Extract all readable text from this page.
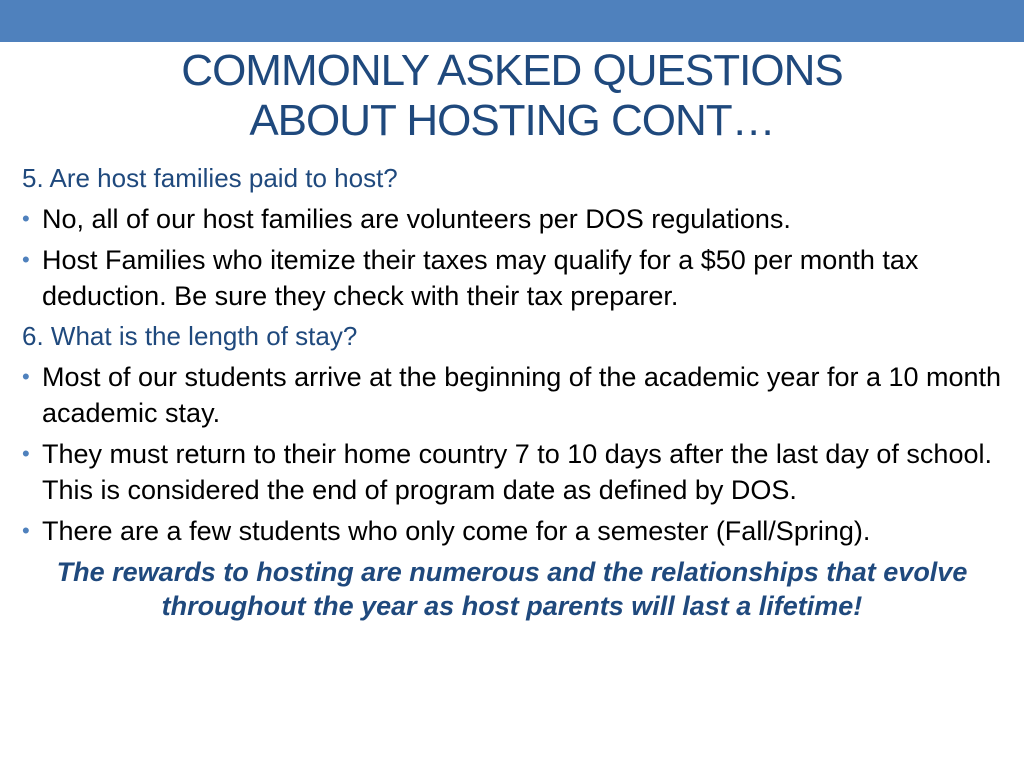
COMMONLY ASKED QUESTIONS
ABOUT HOSTING CONT…

5. Are host families paid to host?

• No, all of our host families are volunteers per DOS regulations.
• Host Families who itemize their taxes may qualify for a $50 per month tax deduction. Be sure they check with their tax preparer.

6. What is the length of stay?

• Most of our students arrive at the beginning of the academic year for a 10 month academic stay.
• They must return to their home country 7 to 10 days after the last day of school. This is considered the end of program date as defined by DOS.
• There are a few students who only come for a semester (Fall/Spring).

The rewards to hosting are numerous and the relationships that evolve throughout the year as host parents will last a lifetime!
